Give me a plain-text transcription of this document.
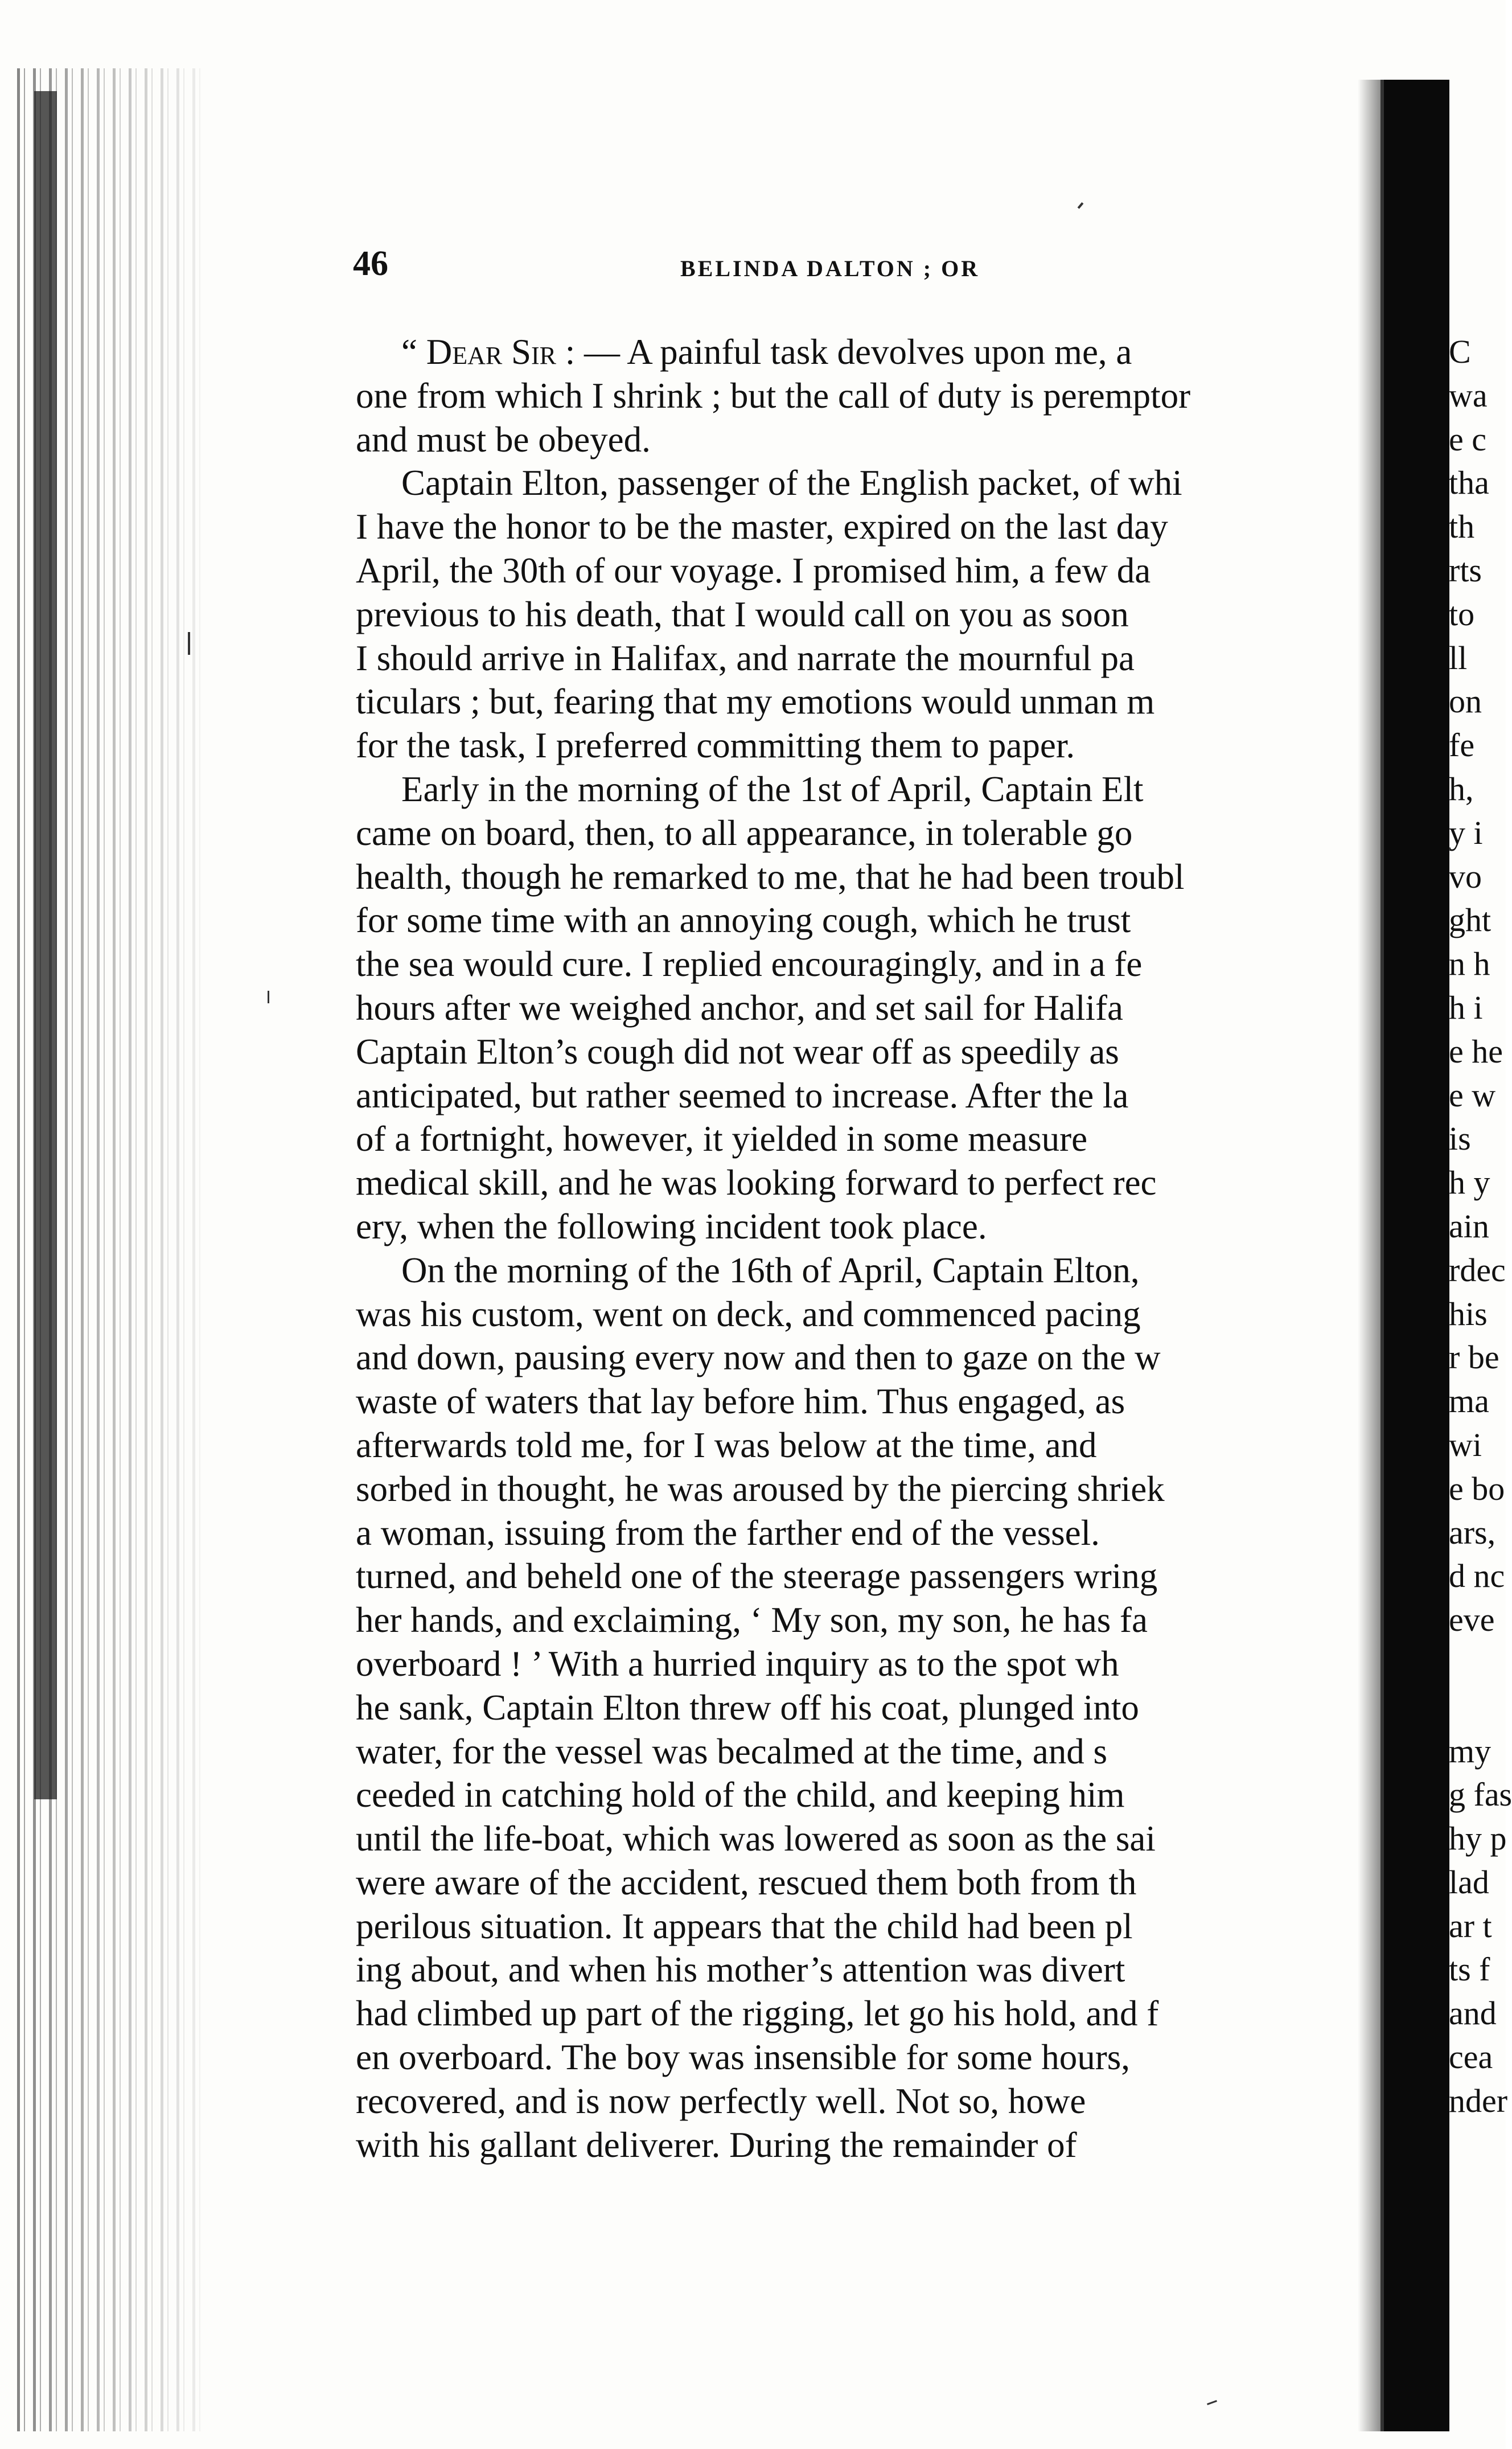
46	BELINDA DALTON ; OR
“ Dear Sir : — A painful task devolves upon me, a
one from which I shrink ; but the call of duty is peremptor
and must be obeyed.
Captain Elton, passenger of the English packet, of whi
I have the honor to be the master, expired on the last day
April, the 30th of our voyage. I promised him, a few da
previous to his death, that I would call on you as soon
I should arrive in Halifax, and narrate the mournful pa
ticulars ; but, fearing that my emotions would unman m
for the task, I preferred committing them to paper.
Early in the morning of the 1st of April, Captain Elt
came on board, then, to all appearance, in tolerable go
health, though he remarked to me, that he had been troubl
for some time with an annoying cough, which he trust
the sea would cure. I replied encouragingly, and in a fe
hours after we weighed anchor, and set sail for Halifa
Captain Elton’s cough did not wear off as speedily as
anticipated, but rather seemed to increase. After the la
of a fortnight, however, it yielded in some measure
medical skill, and he was looking forward to perfect rec
ery, when the following incident took place.
On the morning of the 16th of April, Captain Elton,
was his custom, went on deck, and commenced pacing
and down, pausing every now and then to gaze on the w
waste of waters that lay before him. Thus engaged, as
afterwards told me, for I was below at the time, and
sorbed in thought, he was aroused by the piercing shriek
a woman, issuing from the farther end of the vessel.
turned, and beheld one of the steerage passengers wring
her hands, and exclaiming, ‘ My son, my son, he has fa
overboard ! ’ With a hurried inquiry as to the spot wh
he sank, Captain Elton threw off his coat, plunged into
water, for the vessel was becalmed at the time, and s
ceeded in catching hold of the child, and keeping him
until the life-boat, which was lowered as soon as the sai
were aware of the accident, rescued them both from th
perilous situation. It appears that the child had been pl
ing about, and when his mother’s attention was divert
had climbed up part of the rigging, let go his hold, and f
en overboard. The boy was insensible for some hours,
recovered, and is now perfectly well. Not so, howe
with his gallant deliverer. During the remainder of
C
wa
e c
tha
th
rts
to
ll
on
fe
h,
y i
vo
ght
n h
h i
e he
e w
is
h y
ain
rdec
his
r be
ma
wi
e bo
ars,
d nc
eve
my
g fas
hy p
lad
ar t
ts f
and
cea
nder
